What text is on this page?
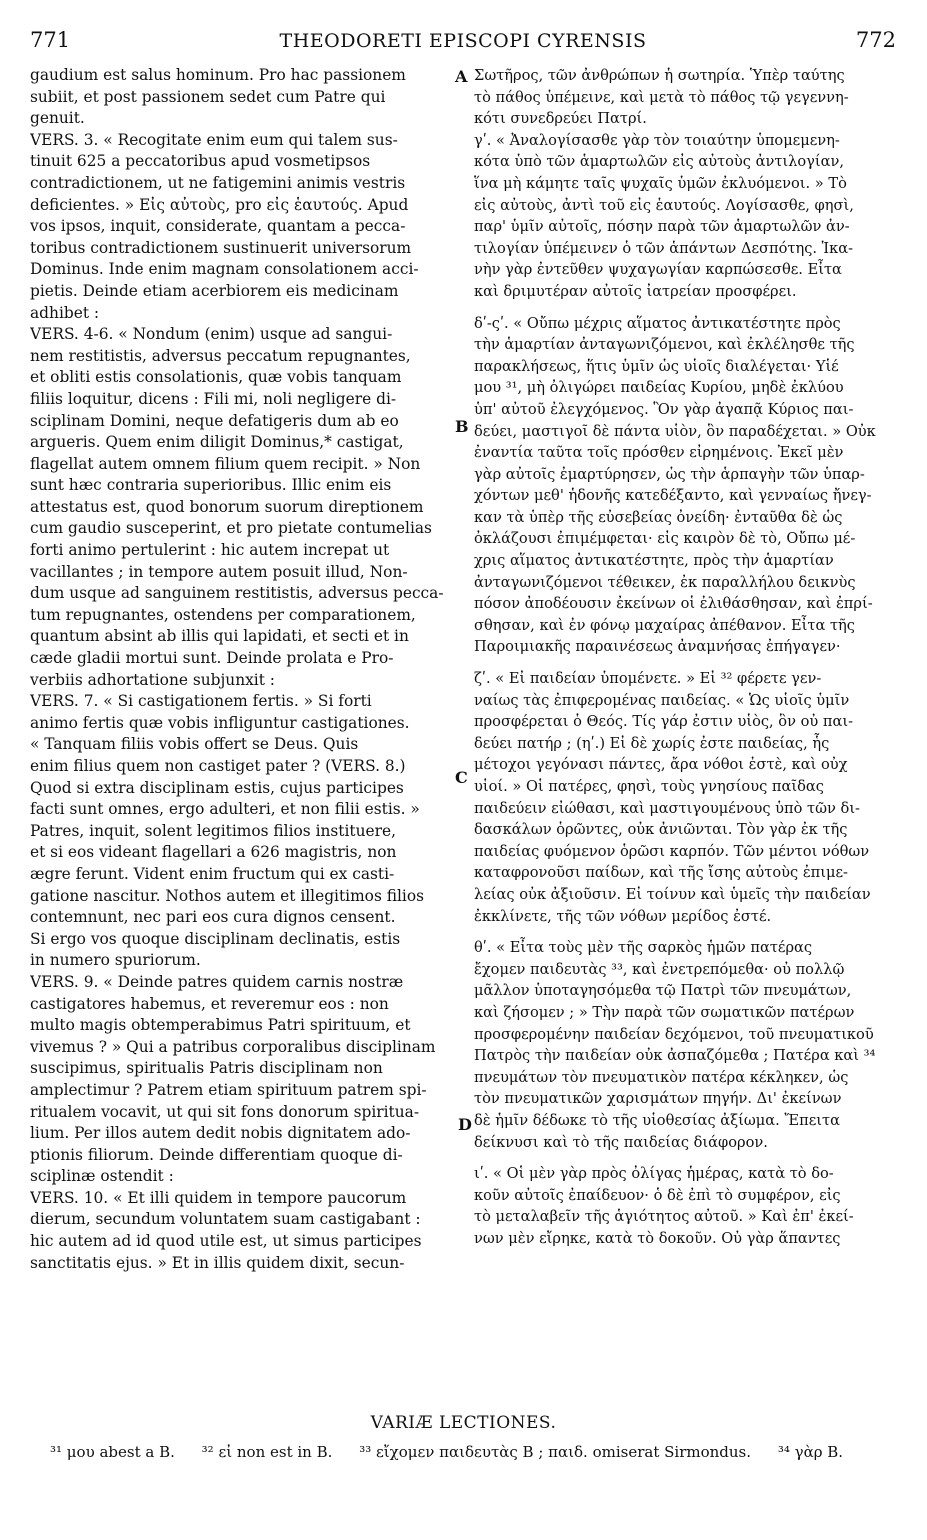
771	THEODORETI EPISCOPI CYRENSIS	772
gaudium est salus hominum. Pro hac passionem
subiit, et post passionem sedet cum Patre qui
genuit.
VERS. 3. « Recogitate enim eum qui talem sus-
tinuit 625 a peccatoribus apud vosmetipsos
contradictionem, ut ne fatigemini animis vestris
deficientes. » Εἰς αὐτοὺς, pro εἰς ἑαυτούς. Apud
vos ipsos, inquit, considerate, quantam a pecca-
toribus contradictionem sustinuerit universorum
Dominus. Inde enim magnam consolationem acci-
pietis. Deinde etiam acerbiorem eis medicinam
adhibet :
VERS. 4-6. « Nondum (enim) usque ad sangui-
nem restitistis, adversus peccatum repugnantes,
et obliti estis consolationis, quæ vobis tanquam
filiis loquitur, dicens : Fili mi, noli negligere di-
sciplinam Domini, neque defatigeris dum ab eo
argueris. Quem enim diligit Dominus,* castigat,
flagellat autem omnem filium quem recipit. » Non
sunt hæc contraria superioribus. Illic enim eis
attestatus est, quod bonorum suorum direptionem
cum gaudio susceperint, et pro pietate contumelias
forti animo pertulerint : hic autem increpat ut
vacillantes ; in tempore autem posuit illud, Non-
dum usque ad sanguinem restitistis, adversus pecca-
tum repugnantes, ostendens per comparationem,
quantum absint ab illis qui lapidati, et secti et in
cæde gladii mortui sunt. Deinde prolata e Pro-
verbiis adhortatione subjunxit :
VERS. 7. « Si castigationem fertis. » Si forti
animo fertis quæ vobis infliguntur castigationes.
« Tanquam filiis vobis offert se Deus. Quis
enim filius quem non castiget pater ? (VERS. 8.)
Quod si extra disciplinam estis, cujus participes
facti sunt omnes, ergo adulteri, et non filii estis. »
Patres, inquit, solent legitimos filios instituere,
et si eos videant flagellari a 626 magistris, non
ægre ferunt. Vident enim fructum qui ex casti-
gatione nascitur. Nothos autem et illegitimos filios
contemnunt, nec pari eos cura dignos censent.
Si ergo vos quoque disciplinam declinatis, estis
in numero spuriorum.
VERS. 9. « Deinde patres quidem carnis nostræ
castigatores habemus, et reveremur eos : non
multo magis obtemperabimus Patri spirituum, et
vivemus ? » Qui a patribus corporalibus disciplinam
suscipimus, spiritualis Patris disciplinam non
amplectimur ? Patrem etiam spirituum patrem spi-
ritualem vocavit, ut qui sit fons donorum spiritua-
lium. Per illos autem dedit nobis dignitatem ado-
ptionis filiorum. Deinde differentiam quoque di-
sciplinæ ostendit :
VERS. 10. « Et illi quidem in tempore paucorum
dierum, secundum voluntatem suam castigabant :
hic autem ad id quod utile est, ut simus participes
sanctitatis ejus. » Et in illis quidem dixit, secun-
Σωτῆρος, τῶν ἀνθρώπων ἡ σωτηρία. Ὑπὲρ ταύτης
τὸ πάθος ὑπέμεινε, καὶ μετὰ τὸ πάθος τῷ γεγεννη-
κότι συνεδρεύει Πατρί.
γʹ. « Ἀναλογίσασθε γὰρ τὸν τοιαύτην ὑπομεμενη-
κότα ὑπὸ τῶν ἁμαρτωλῶν εἰς αὐτοὺς ἀντιλογίαν,
ἵνα μὴ κάμητε ταῖς ψυχαῖς ὑμῶν ἐκλυόμενοι. » Τὸ
εἰς αὐτοὺς, ἀντὶ τοῦ εἰς ἑαυτούς. Λογίσασθε, φησὶ,
παρ' ὑμῖν αὐτοῖς, πόσην παρὰ τῶν ἁμαρτωλῶν ἀν-
τιλογίαν ὑπέμεινεν ὁ τῶν ἁπάντων Δεσπότης. Ἱκα-
νὴν γὰρ ἐντεῦθεν ψυχαγωγίαν καρπώσεσθε. Εἶτα
καὶ δριμυτέραν αὐτοῖς ἰατρείαν προσφέρει.
δʹ-ςʹ. « Οὔπω μέχρις αἵματος ἀντικατέστητε πρὸς
τὴν ἁμαρτίαν ἀνταγωνιζόμενοι, καὶ ἐκλέλησθε τῆς
παρακλήσεως, ἥτις ὑμῖν ὡς υἱοῖς διαλέγεται· Υἱέ
μου ³¹, μὴ ὀλιγώρει παιδείας Κυρίου, μηδὲ ἐκλύου
ὑπ' αὐτοῦ ἐλεγχόμενος. Ὃν γὰρ ἀγαπᾷ Κύριος παι-
δεύει, μαστιγοῖ δὲ πάντα υἱὸν, ὃν παραδέχεται. » Οὐκ
ἐναντία ταῦτα τοῖς πρόσθεν εἰρημένοις. Ἐκεῖ μὲν
γὰρ αὐτοῖς ἐμαρτύρησεν, ὡς τὴν ἁρπαγὴν τῶν ὑπαρ-
χόντων μεθ' ἡδονῆς κατεδέξαντο, καὶ γενναίως ἤνεγ-
καν τὰ ὑπὲρ τῆς εὐσεβείας ὀνείδη· ἐνταῦθα δὲ ὡς
ὀκλάζουσι ἐπιμέμφεται· εἰς καιρὸν δὲ τὸ, Οὔπω μέ-
χρις αἵματος ἀντικατέστητε, πρὸς τὴν ἁμαρτίαν
ἀνταγωνιζόμενοι τέθεικεν, ἐκ παραλλήλου δεικνὺς
πόσον ἀποδέουσιν ἐκείνων οἱ ἐλιθάσθησαν, καὶ ἐπρί-
σθησαν, καὶ ἐν φόνῳ μαχαίρας ἀπέθανον. Εἶτα τῆς
Παροιμιακῆς παραινέσεως ἀναμνήσας ἐπήγαγεν·
ζʹ. « Εἰ παιδείαν ὑπομένετε. » Εἰ ³² φέρετε γεν-
ναίως τὰς ἐπιφερομένας παιδείας. « Ὡς υἱοῖς ὑμῖν
προσφέρεται ὁ Θεός. Τίς γάρ ἐστιν υἱὸς, ὃν οὐ παι-
δεύει πατήρ ; (ηʹ.) Εἰ δὲ χωρίς ἐστε παιδείας, ἧς
μέτοχοι γεγόνασι πάντες, ἄρα νόθοι ἐστὲ, καὶ οὐχ
υἱοί. » Οἱ πατέρες, φησὶ, τοὺς γνησίους παῖδας
παιδεύειν εἰώθασι, καὶ μαστιγουμένους ὑπὸ τῶν δι-
δασκάλων ὁρῶντες, οὐκ ἀνιῶνται. Τὸν γὰρ ἐκ τῆς
παιδείας φυόμενον ὁρῶσι καρπόν. Τῶν μέντοι νόθων
καταφρονοῦσι παίδων, καὶ τῆς ἴσης αὐτοὺς ἐπιμε-
λείας οὐκ ἀξιοῦσιν. Εἰ τοίνυν καὶ ὑμεῖς τὴν παιδείαν
ἐκκλίνετε, τῆς τῶν νόθων μερίδος ἐστέ.
θʹ. « Εἶτα τοὺς μὲν τῆς σαρκὸς ἡμῶν πατέρας
ἔχομεν παιδευτὰς ³³, καὶ ἐνετρεπόμεθα· οὐ πολλῷ
μᾶλλον ὑποταγησόμεθα τῷ Πατρὶ τῶν πνευμάτων,
καὶ ζήσομεν ; » Τὴν παρὰ τῶν σωματικῶν πατέρων
προσφερομένην παιδείαν δεχόμενοι, τοῦ πνευματικοῦ
Πατρὸς τὴν παιδείαν οὐκ ἀσπαζόμεθα ; Πατέρα καὶ ³⁴
πνευμάτων τὸν πνευματικὸν πατέρα κέκληκεν, ὡς
τὸν πνευματικῶν χαρισμάτων πηγήν. Δι' ἐκείνων
δὲ ἡμῖν δέδωκε τὸ τῆς υἱοθεσίας ἀξίωμα. Ἔπειτα
δείκνυσι καὶ τὸ τῆς παιδείας διάφορον.
ιʹ. « Οἱ μὲν γὰρ πρὸς ὀλίγας ἡμέρας, κατὰ τὸ δο-
κοῦν αὐτοῖς ἐπαίδευον· ὁ δὲ ἐπὶ τὸ συμφέρον, εἰς
τὸ μεταλαβεῖν τῆς ἁγιότητος αὐτοῦ. » Καὶ ἐπ' ἐκεί-
νων μὲν εἴρηκε, κατὰ τὸ δοκοῦν. Οὐ γὰρ ἅπαντες
A
B
C
D
VARIÆ LECTIONES.
³¹ μου abest a B. ³² εἰ non est in B. ³³ εἴχομεν παιδευτὰς B ; παιδ. omiserat Sirmondus. ³⁴ γὰρ B.
